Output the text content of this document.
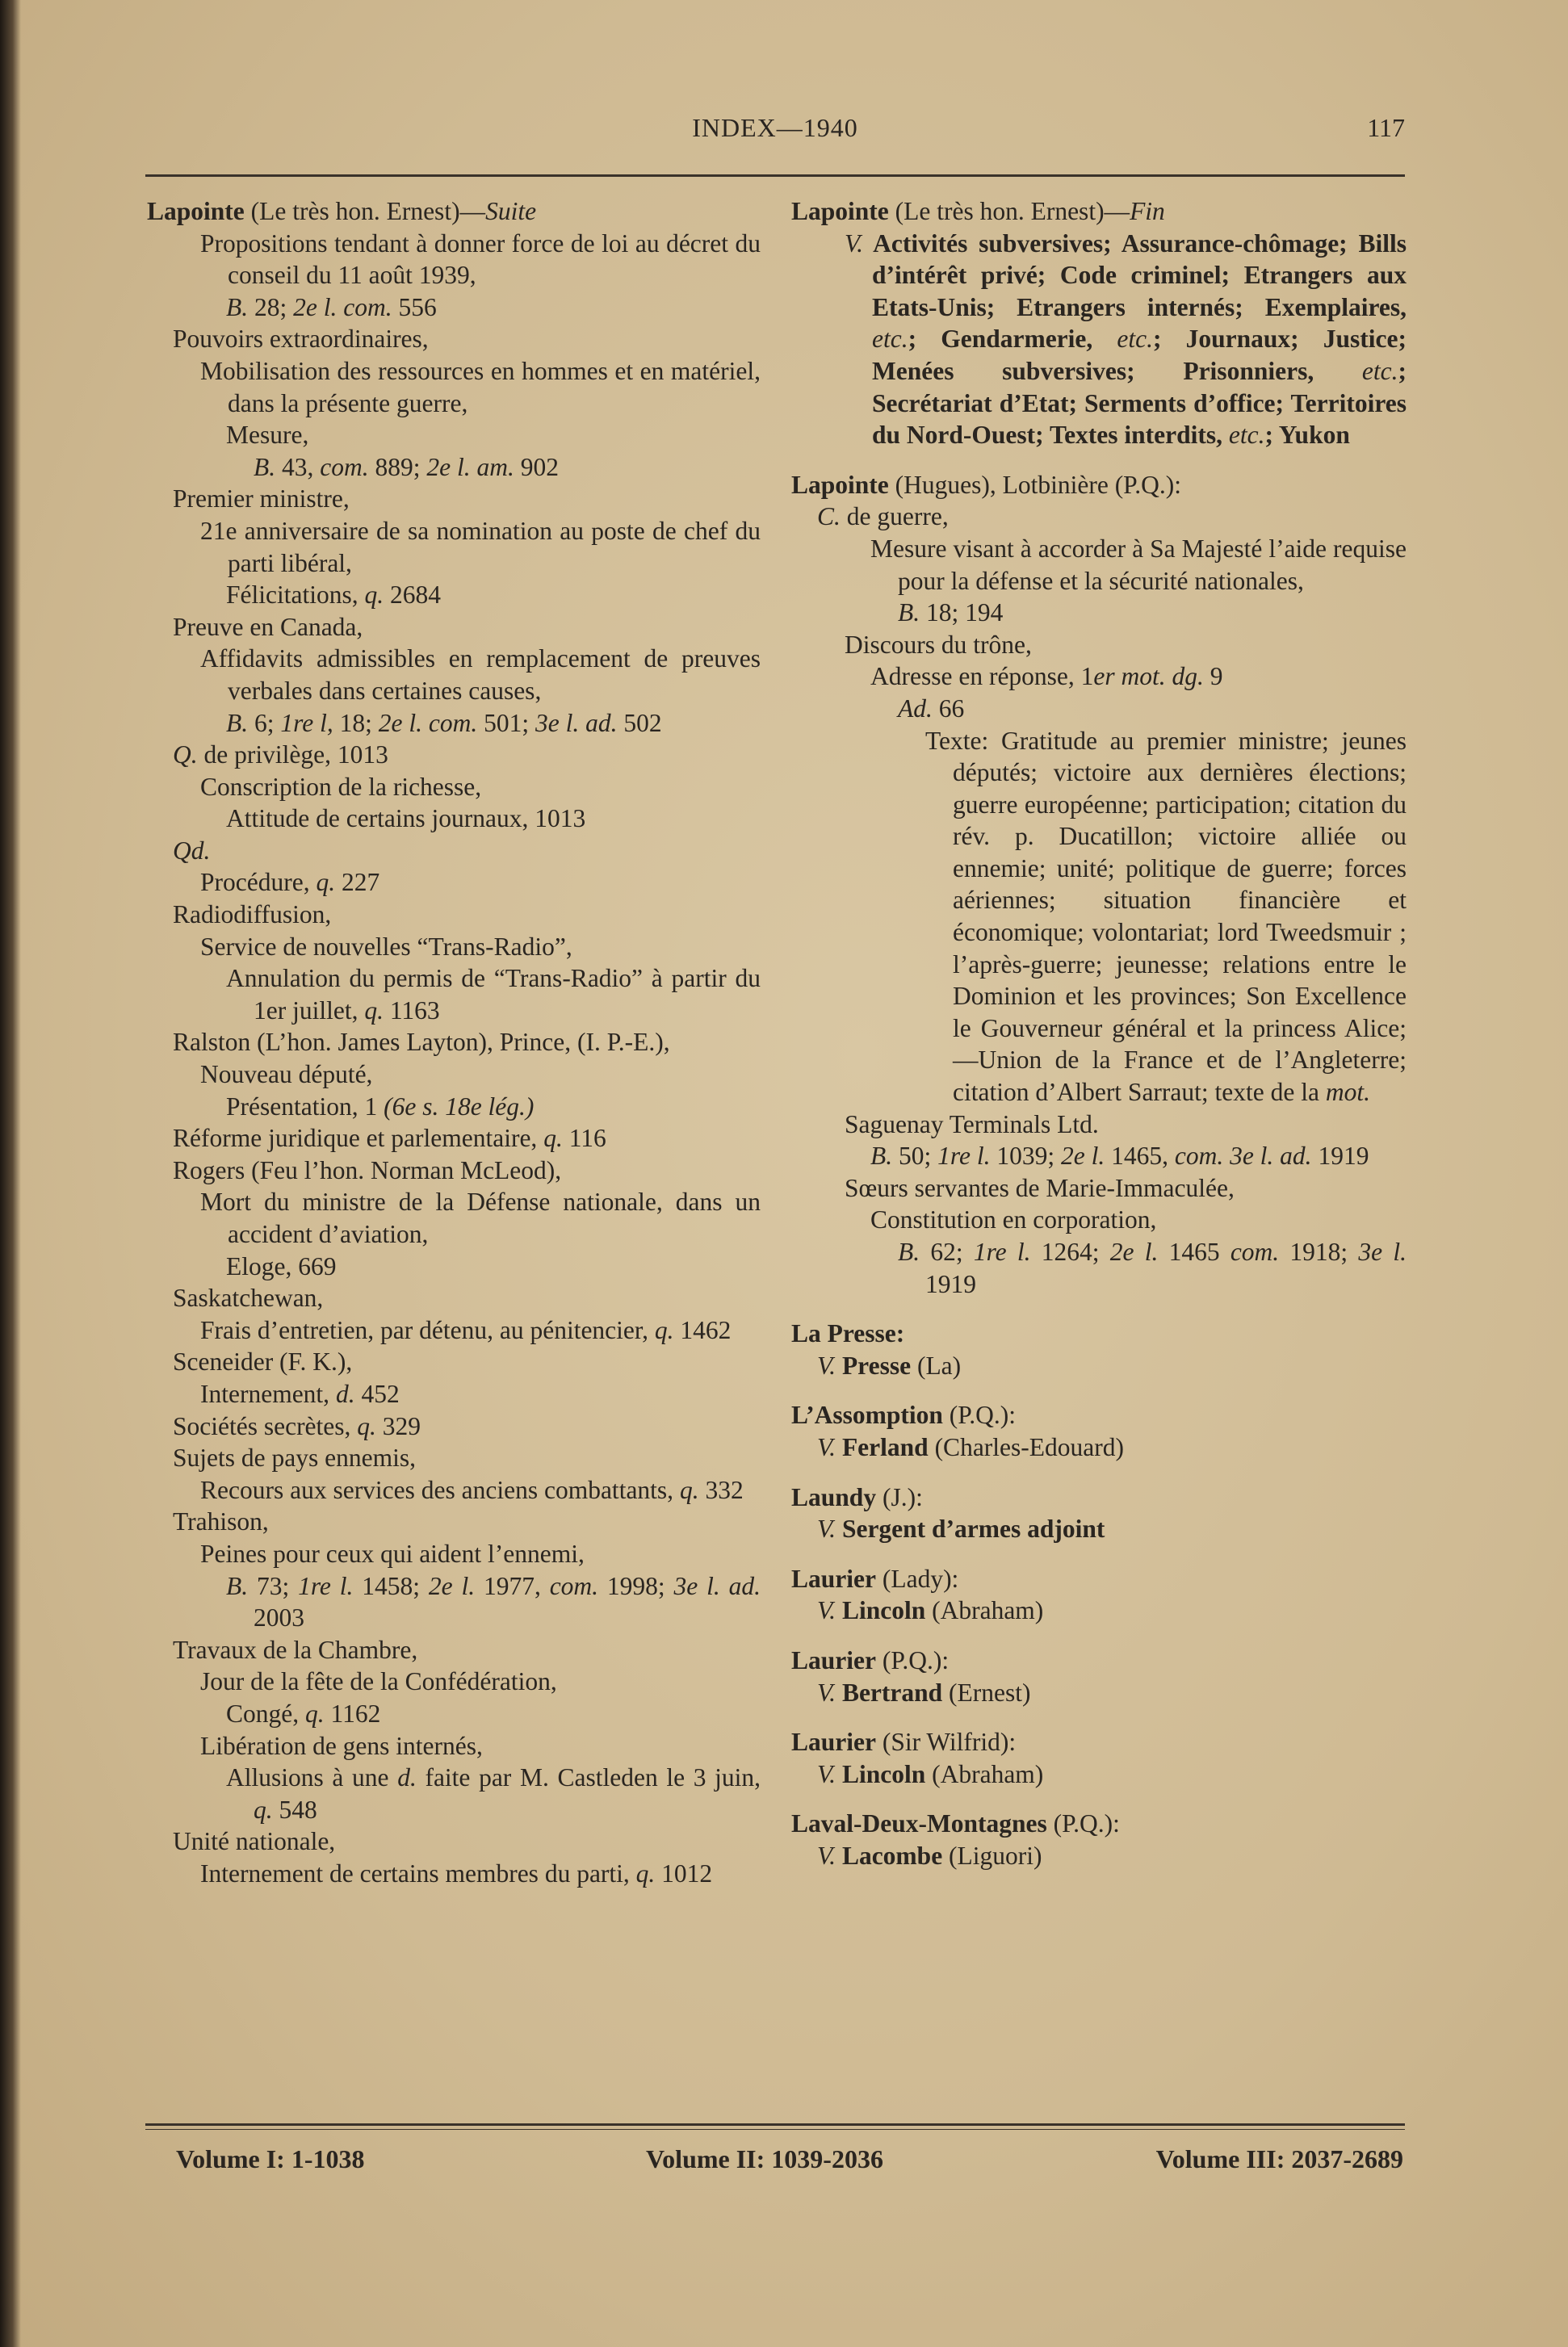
INDEX—1940	117

Lapointe (Le très hon. Ernest)—Suite

Propositions tendant à donner force de loi au décret du conseil du 11 août 1939,

B. 28; 2e l. com. 556

Pouvoirs extraordinaires,

Mobilisation des ressources en hommes et en matériel, dans la présente guerre,

Mesure,

B. 43, com. 889; 2e l. am. 902

Premier ministre,

21e anniversaire de sa nomination au poste de chef du parti libéral,

Félicitations, q. 2684

Preuve en Canada,

Affidavits admissibles en remplacement de preuves verbales dans certaines causes,

B. 6; 1re l, 18; 2e l. com. 501; 3e l. ad. 502

Q. de privilège, 1013

Conscription de la richesse,

Attitude de certains journaux, 1013

Qd.

Procédure, q. 227

Radiodiffusion,

Service de nouvelles “Trans-Radio”,

Annulation du permis de “Trans-Radio” à partir du 1er juillet, q. 1163

Ralston (L’hon. James Layton), Prince, (I. P.-E.),

Nouveau député,

Présentation, 1 (6e s. 18e lég.)

Réforme juridique et parlementaire, q. 116

Rogers (Feu l’hon. Norman McLeod),

Mort du ministre de la Défense nationale, dans un accident d’aviation,

Eloge, 669

Saskatchewan,

Frais d’entretien, par détenu, au pénitencier, q. 1462

Sceneider (F. K.),

Internement, d. 452

Sociétés secrètes, q. 329

Sujets de pays ennemis,

Recours aux services des anciens combattants, q. 332

Trahison,

Peines pour ceux qui aident l’ennemi,

B. 73; 1re l. 1458; 2e l. 1977, com. 1998; 3e l. ad. 2003

Travaux de la Chambre,

Jour de la fête de la Confédération,

Congé, q. 1162

Libération de gens internés,

Allusions à une d. faite par M. Castleden le 3 juin, q. 548

Unité nationale,

Internement de certains membres du parti, q. 1012

Lapointe (Le très hon. Ernest)—Fin

V. Activités subversives; Assurance-chômage; Bills d’intérêt privé; Code criminel; Etrangers aux Etats-Unis; Etrangers internés; Exemplaires, etc.; Gendarmerie, etc.; Journaux; Justice; Menées subversives; Prisonniers, etc.; Secrétariat d’Etat; Serments d’office; Territoires du Nord-Ouest; Textes interdits, etc.; Yukon

Lapointe (Hugues), Lotbinière (P.Q.):

C. de guerre,

Mesure visant à accorder à Sa Majesté l’aide requise pour la défense et la sécurité nationales,

B. 18; 194

Discours du trône,

Adresse en réponse, 1er mot. dg. 9

Ad. 66

Texte: Gratitude au premier ministre; jeunes députés; victoire aux dernières élections; guerre européenne; participation; citation du rév. p. Ducatillon; victoire alliée ou ennemie; unité; politique de guerre; forces aériennes; situation financière et économique; volontariat; lord Tweedsmuir ; l’après-guerre; jeunesse; relations entre le Dominion et les provinces; Son Excellence le Gouverneur général et la princess Alice;—Union de la France et de l’Angleterre; citation d’Albert Sarraut; texte de la mot.

Saguenay Terminals Ltd.

B. 50; 1re l. 1039; 2e l. 1465, com. 3e l. ad. 1919

Sœurs servantes de Marie-Immaculée,

Constitution en corporation,

B. 62; 1re l. 1264; 2e l. 1465 com. 1918; 3e l. 1919

La Presse:

V. Presse (La)

L’Assomption (P.Q.):

V. Ferland (Charles-Edouard)

Laundy (J.):

V. Sergent d’armes adjoint

Laurier (Lady):

V. Lincoln (Abraham)

Laurier (P.Q.):

V. Bertrand (Ernest)

Laurier (Sir Wilfrid):

V. Lincoln (Abraham)

Laval-Deux-Montagnes (P.Q.):

V. Lacombe (Liguori)

Volume I: 1-1038	Volume II: 1039-2036	Volume III: 2037-2689
